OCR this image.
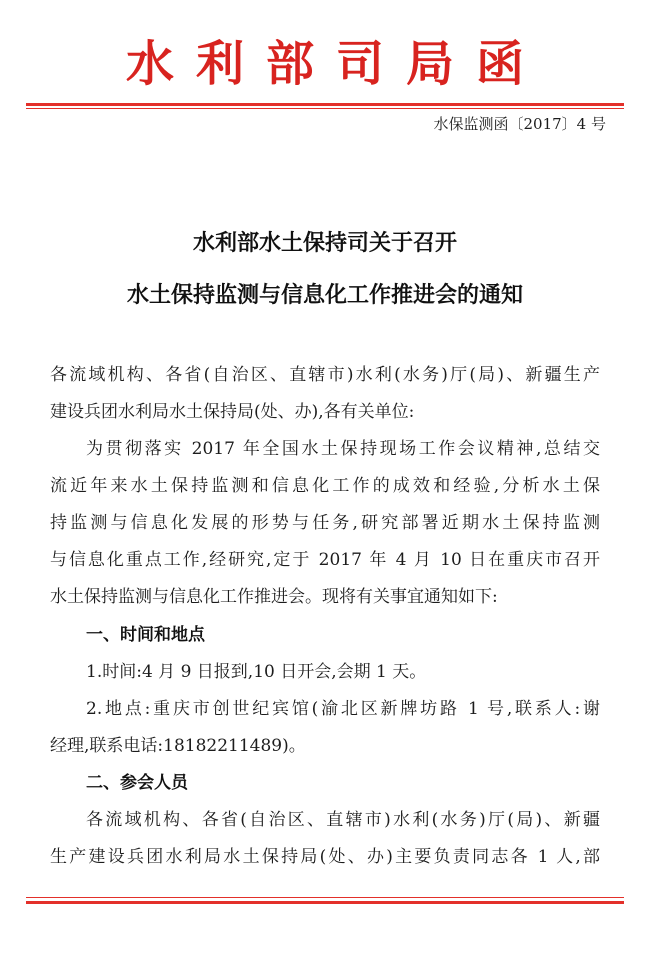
水利部司局函
水保监测函〔2017〕4 号
水利部水土保持司关于召开
水土保持监测与信息化工作推进会的通知
各流域机构、各省(自治区、直辖市)水利(水务)厅(局)、新疆生产
建设兵团水利局水土保持局(处、办),各有关单位:
为贯彻落实 2017 年全国水土保持现场工作会议精神,总结交
流近年来水土保持监测和信息化工作的成效和经验,分析水土保
持监测与信息化发展的形势与任务,研究部署近期水土保持监测
与信息化重点工作,经研究,定于 2017 年 4 月 10 日在重庆市召开
水土保持监测与信息化工作推进会。现将有关事宜通知如下:
一、时间和地点
1.时间:4 月 9 日报到,10 日开会,会期 1 天。
2.地点:重庆市创世纪宾馆(渝北区新牌坊路 1 号,联系人:谢
经理,联系电话:18182211489)。
二、参会人员
各流域机构、各省(自治区、直辖市)水利(水务)厅(局)、新疆
生产建设兵团水利局水土保持局(处、办)主要负责同志各 1 人,部
